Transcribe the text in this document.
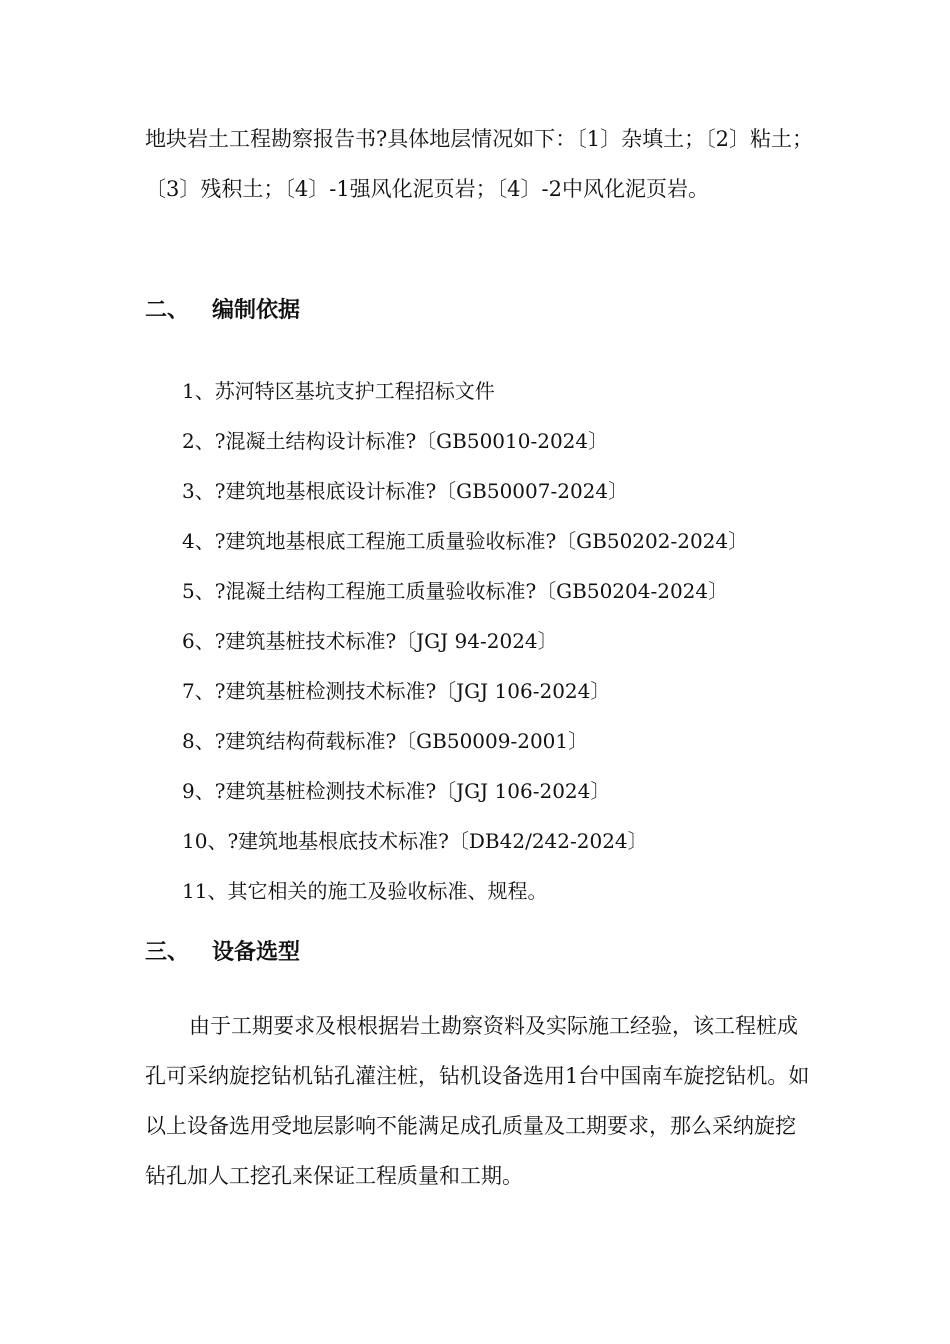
地块岩土工程勘察报告书?具体地层情况如下：〔1〕杂填土；〔2〕粘土；〔3〕残积土；〔4〕-1强风化泥页岩；〔4〕-2中风化泥页岩。

二、 编制依据
1、苏河特区基坑支护工程招标文件
2、?混凝土结构设计标准?〔GB50010-2024〕
3、?建筑地基根底设计标准?〔GB50007-2024〕
4、?建筑地基根底工程施工质量验收标准?〔GB50202-2024〕
5、?混凝土结构工程施工质量验收标准?〔GB50204-2024〕
6、?建筑基桩技术标准?〔JGJ 94-2024〕
7、?建筑基桩检测技术标准?〔JGJ 106-2024〕
8、?建筑结构荷载标准?〔GB50009-2001〕
9、?建筑基桩检测技术标准?〔JGJ 106-2024〕
10、?建筑地基根底技术标准?〔DB42/242-2024〕
11、其它相关的施工及验收标准、规程。
三、 设备选型

由于工期要求及根根据岩土勘察资料及实际施工经验，该工程桩成孔可采纳旋挖钻机钻孔灌注桩，钻机设备选用1台中国南车旋挖钻机。如以上设备选用受地层影响不能满足成孔质量及工期要求，那么采纳旋挖钻孔加人工挖孔来保证工程质量和工期。
